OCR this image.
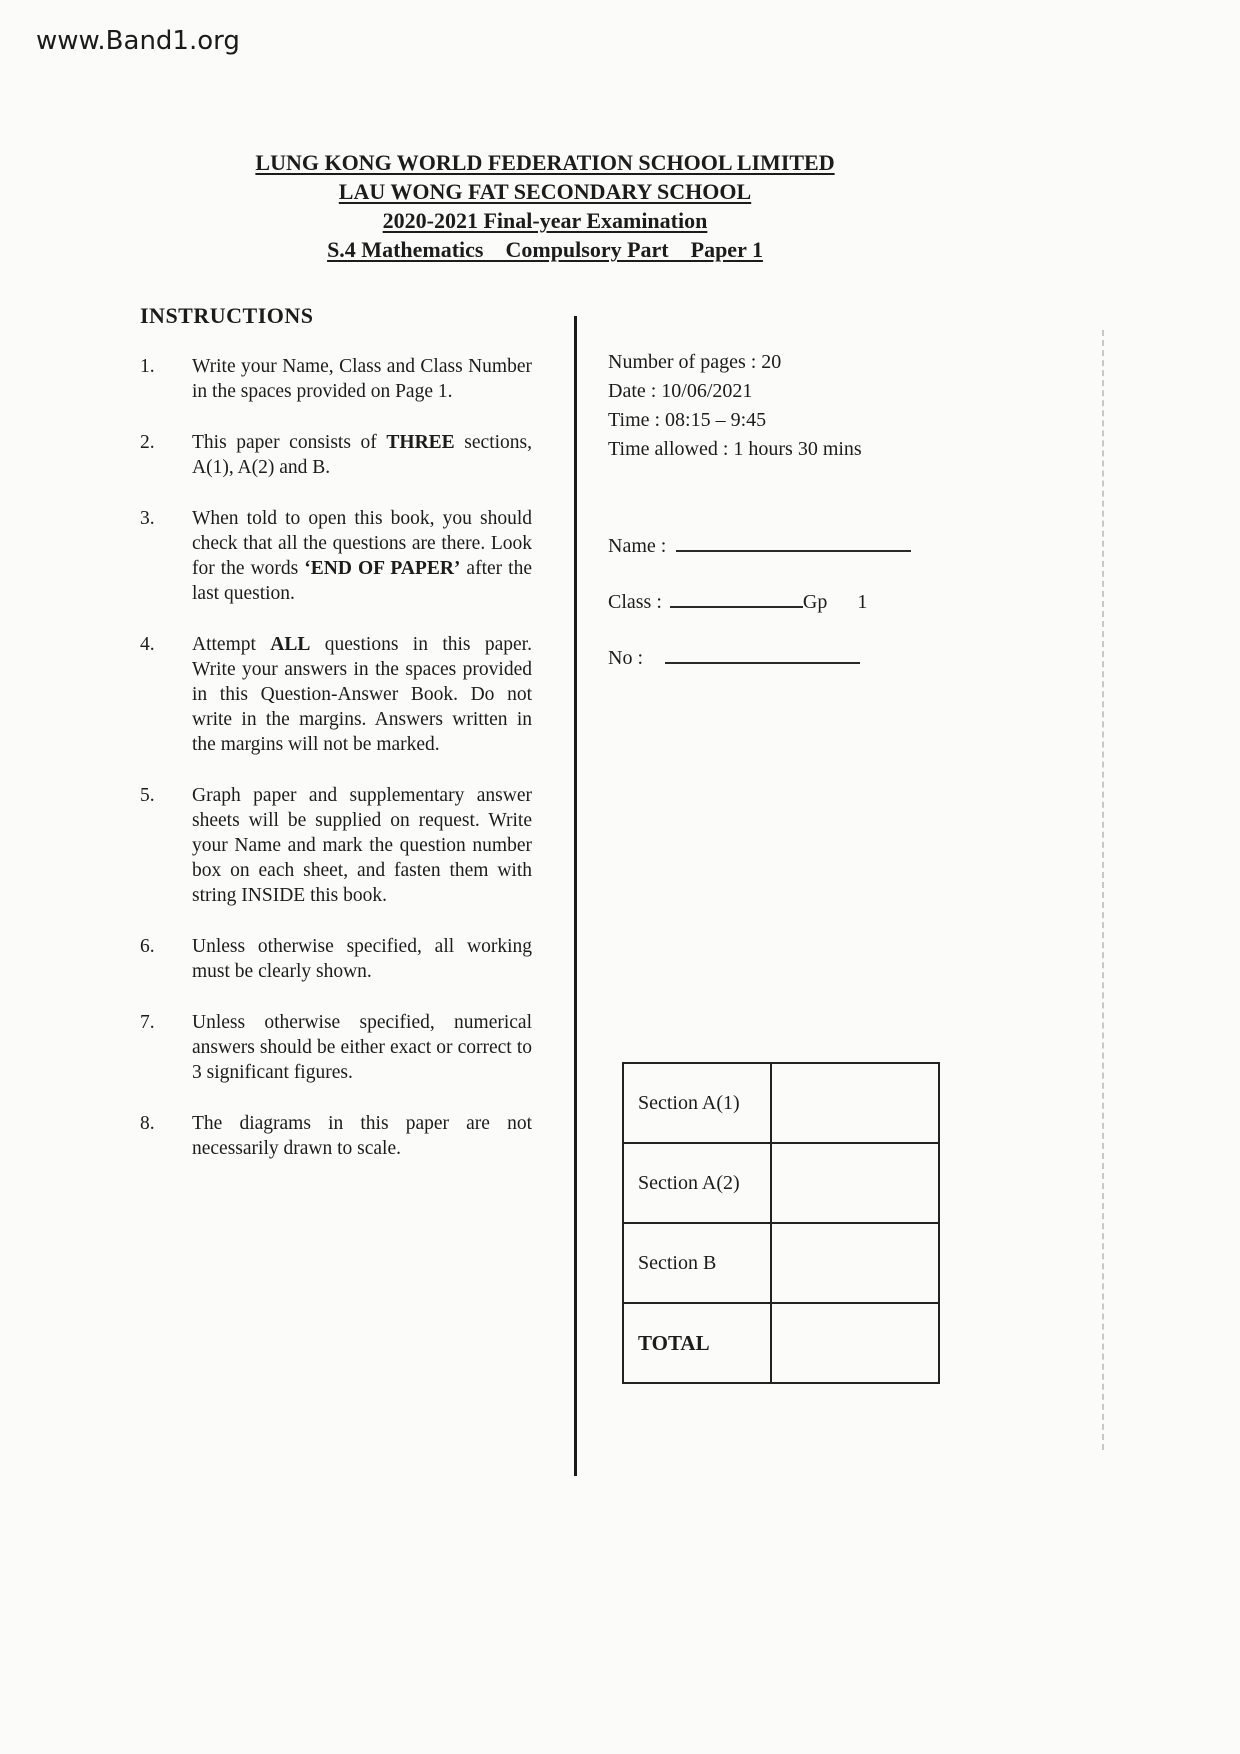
www.Band1.org
LUNG KONG WORLD FEDERATION SCHOOL LIMITED
LAU WONG FAT SECONDARY SCHOOL
2020-2021 Final-year Examination
S.4 Mathematics    Compulsory Part    Paper 1
INSTRUCTIONS
1.	Write your Name, Class and Class Number in the spaces provided on Page 1.
2.	This paper consists of THREE sections, A(1), A(2) and B.
3.	When told to open this book, you should check that all the questions are there. Look for the words ‘END OF PAPER’ after the last question.
4.	Attempt ALL questions in this paper. Write your answers in the spaces provided in this Question-Answer Book. Do not write in the margins. Answers written in the margins will not be marked.
5.	Graph paper and supplementary answer sheets will be supplied on request. Write your Name and mark the question number box on each sheet, and fasten them with string INSIDE this book.
6.	Unless otherwise specified, all working must be clearly shown.
7.	Unless otherwise specified, numerical answers should be either exact or correct to 3 significant figures.
8.	The diagrams in this paper are not necessarily drawn to scale.
Number of pages : 20
Date : 10/06/2021
Time : 08:15 – 9:45
Time allowed : 1 hours 30 mins
Name :
Class :	Gp 1
No :
Section A(1)
Section A(2)
Section B
TOTAL
